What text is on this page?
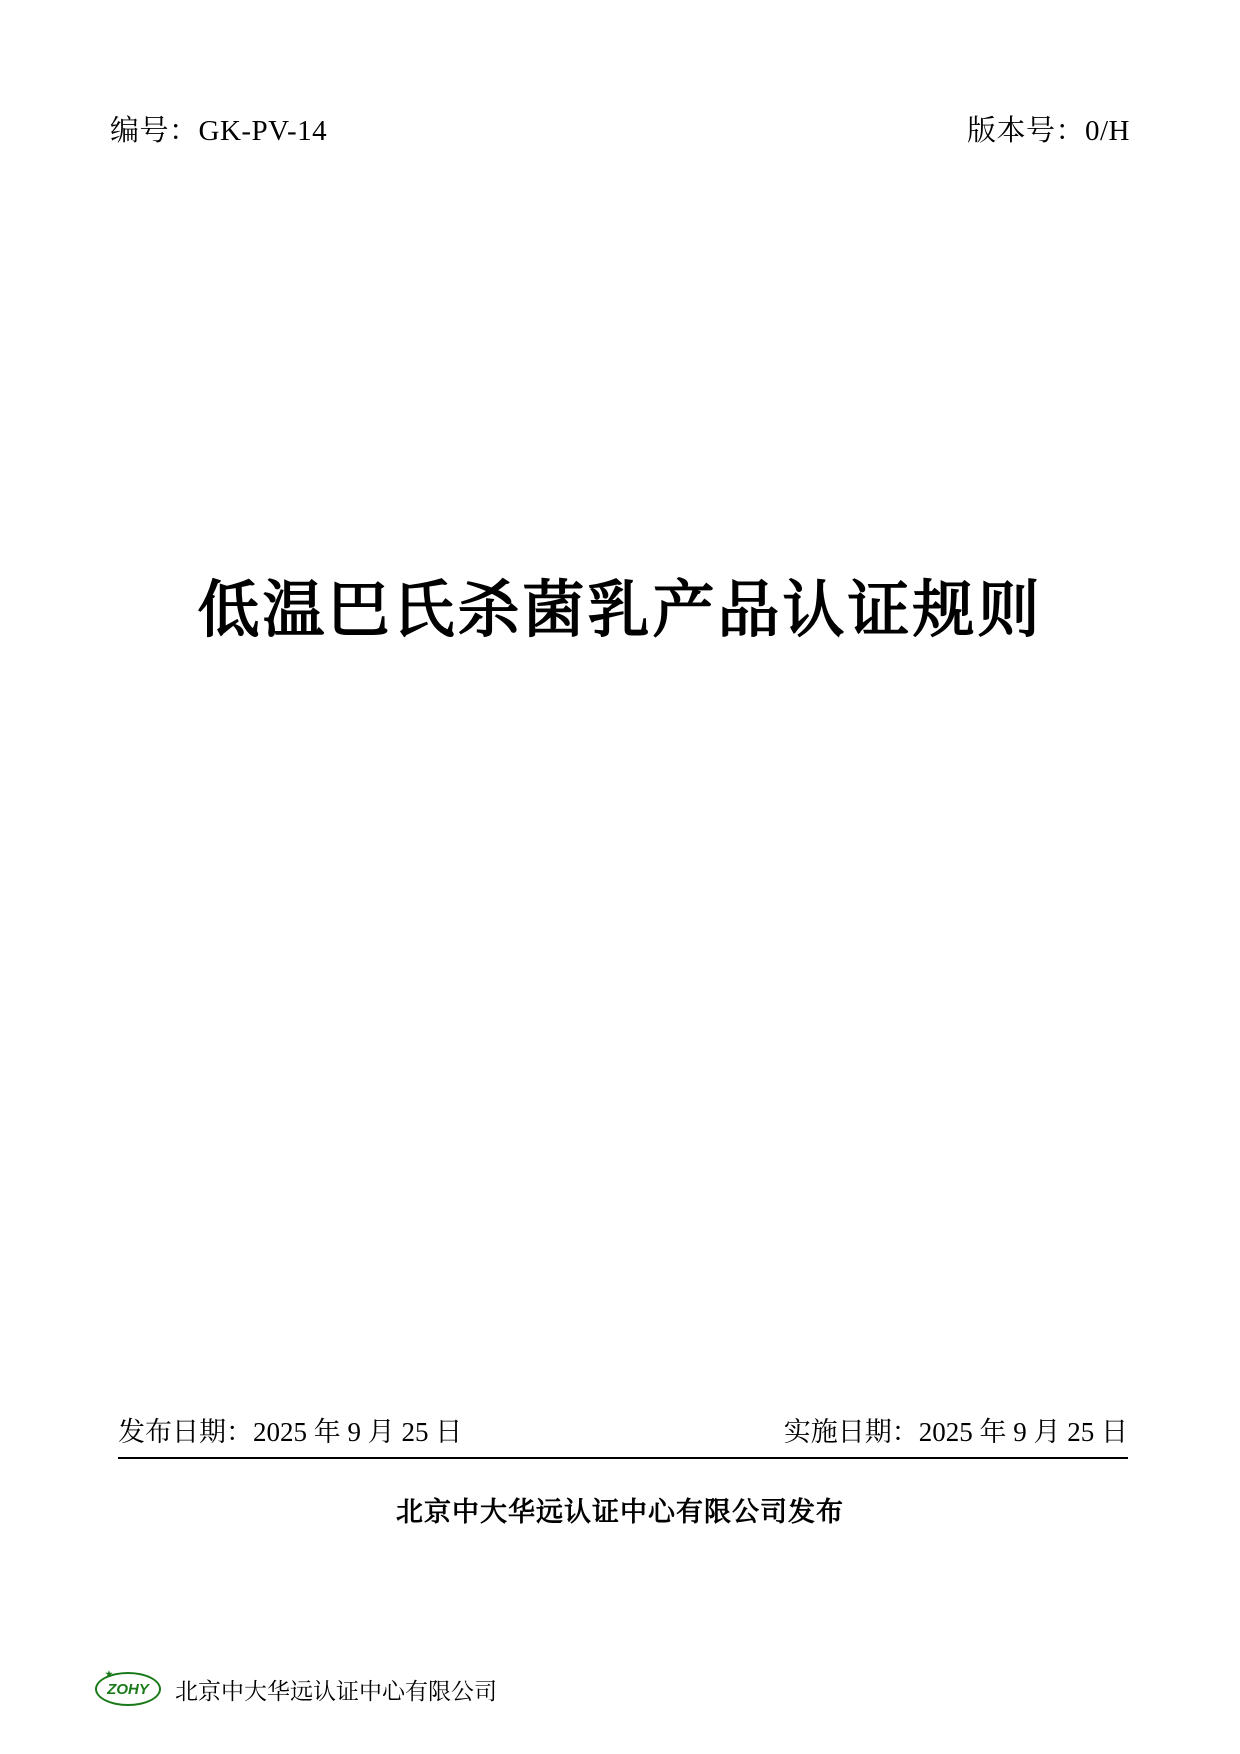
编号：GK-PV-14	版本号：0/H
低温巴氏杀菌乳产品认证规则
发布日期：2025 年 9 月 25 日	实施日期：2025 年 9 月 25 日
北京中大华远认证中心有限公司发布
ZOHY 北京中大华远认证中心有限公司
